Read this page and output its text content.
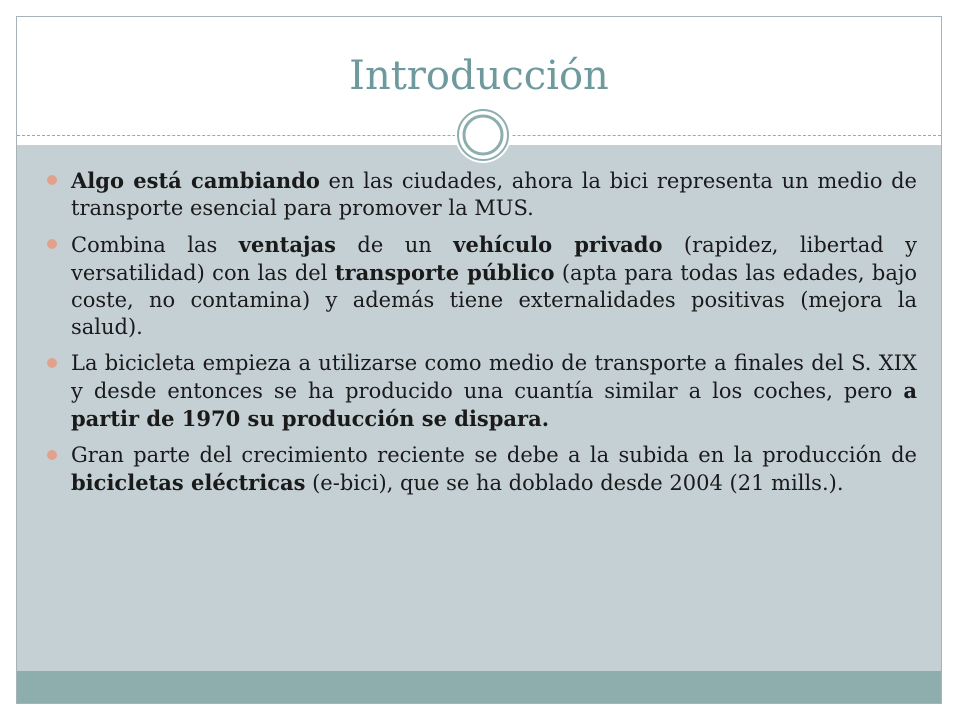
Introducción
Algo está cambiando en las ciudades, ahora la bici representa un medio de transporte esencial para promover la MUS.
Combina las ventajas de un vehículo privado (rapidez, libertad y versatilidad) con las del transporte público (apta para todas las edades, bajo coste, no contamina) y además tiene externalidades positivas (mejora la salud).
La bicicleta empieza a utilizarse como medio de transporte a finales del S. XIX y desde entonces se ha producido una cuantía similar a los coches, pero a partir de 1970 su producción se dispara.
Gran parte del crecimiento reciente se debe a la subida en la producción de bicicletas eléctricas (e-bici), que se ha doblado desde 2004 (21 mills.).
